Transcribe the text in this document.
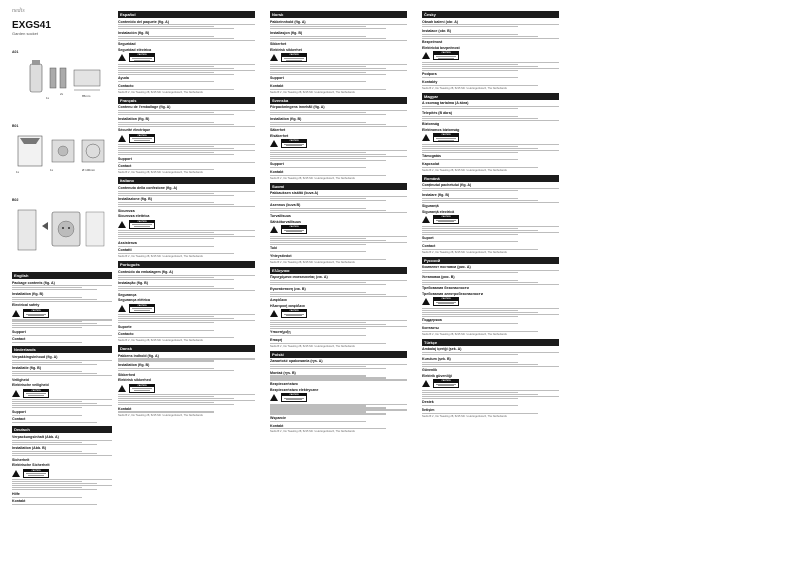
nedis
EXGS41
Garden socket
A01
1x
2x	85mm
B01
1x	1x	Ø 100mm
B02
English
Package contents (fig. A)
Installation (fig. B)
Electrical safety
CAUTION
Support
Contact
Nederlands
Verpakkingsinhoud (fig. A)
Installatie (fig. B)
Veiligheid
Elektrische veiligheid
CAUTION
Support
Contact
Deutsch
Verpackungsinhalt (Abb. A)
Installation (Abb. B)
Sicherheit
Elektrische Sicherheit
CAUTION
Hilfe
Kontakt
Español
Contenido del paquete (fig. A)
Instalación (fig. B)
Seguridad
Seguridad eléctrica
CAUTION
Ayuda
Contacto
Nedis B.V., De Tweeling 28, 5215 MC 's-Hertogenbosch, The Netherlands
Français
Contenu de l'emballage (fig. A)
Installation (fig. B)
Sécurité électrique
CAUTION
Support
Contact
Nedis B.V., De Tweeling 28, 5215 MC 's-Hertogenbosch, The Netherlands
Italiano
Contenuto della confezione (fig. A)
Installazione (fig. B)
Sicurezza
Sicurezza elettrica
CAUTION
Assistenza
Contatti
Nedis B.V., De Tweeling 28, 5215 MC 's-Hertogenbosch, The Netherlands
Português
Conteúdo da embalagem (fig. A)
Instalação (fig. B)
Segurança
Segurança elétrica
CAUTION
Suporte
Contacto
Nedis B.V., De Tweeling 28, 5215 MC 's-Hertogenbosch, The Netherlands
Dansk
Pakkens indhold (fig. A)
Installation (fig. B)
Sikkerhed
Elektrisk sikkerhed
CAUTION
Kontakt
Nedis B.V., De Tweeling 28, 5215 MC 's-Hertogenbosch, The Netherlands
Norsk
Pakkeinnhold (fig. A)
Installasjon (fig. B)
Sikkerhet
Elektrisk sikkerhet
CAUTION
Support
Kontakt
Nedis B.V., De Tweeling 28, 5215 MC 's-Hertogenbosch, The Netherlands
Svenska
Förpackningens innehåll (fig. A)
Installation (fig. B)
Säkerhet
Elsäkerhet
CAUTION
Support
Kontakt
Nedis B.V., De Tweeling 28, 5215 MC 's-Hertogenbosch, The Netherlands
Suomi
Pakkauksen sisältö (kuva A)
Asennus (kuva B)
Turvallisuus
Sähköturvallisuus
CAUTION
Tuki
Yhteystiedot
Nedis B.V., De Tweeling 28, 5215 MC 's-Hertogenbosch, The Netherlands
Ελληνικα
Περιεχόμενα συσκευασίας (εικ. A)
Εγκατάσταση (εικ. B)
Ασφάλεια
Ηλεκτρική ασφάλεια
CAUTION
Υποστήριξη
Επαφή
Nedis B.V., De Tweeling 28, 5215 MC 's-Hertogenbosch, The Netherlands
Polski
Zawartość opakowania (rys. A)
Montaż (rys. B)
Bezpieczeństwo
Bezpieczeństwo elektryczne
CAUTION
Wsparcie
Kontakt
Nedis B.V., De Tweeling 28, 5215 MC 's-Hertogenbosch, The Netherlands
Česky
Obsah balení (obr. A)
Instalace (obr. B)
Bezpečnost
Elektrická bezpečnost
CAUTION
Podpora
Kontakty
Nedis B.V., De Tweeling 28, 5215 MC 's-Hertogenbosch, The Netherlands
Magyar
A csomag tartalma (A ábra)
Telepítés (B ábra)
Biztonság
Elektromos biztonság
CAUTION
Támogatás
Kapcsolat
Nedis B.V., De Tweeling 28, 5215 MC 's-Hertogenbosch, The Netherlands
Română
Conținutul pachetului (fig. A)
Instalare (fig. B)
Siguranță
Siguranță electrică
CAUTION
Suport
Contact
Nedis B.V., De Tweeling 28, 5215 MC 's-Hertogenbosch, The Netherlands
Русский
Комплект поставки (рис. A)
Установка (рис. B)
Требования безопасности
Требования электробезопасности
CAUTION
Поддержка
Контакты
Nedis B.V., De Tweeling 28, 5215 MC 's-Hertogenbosch, The Netherlands
Türkçe
Ambalaj içeriği (şek. A)
Kurulum (şek. B)
Güvenlik
Elektrik güvenliği
CAUTION
Destek
İletişim
Nedis B.V., De Tweeling 28, 5215 MC 's-Hertogenbosch, The Netherlands
